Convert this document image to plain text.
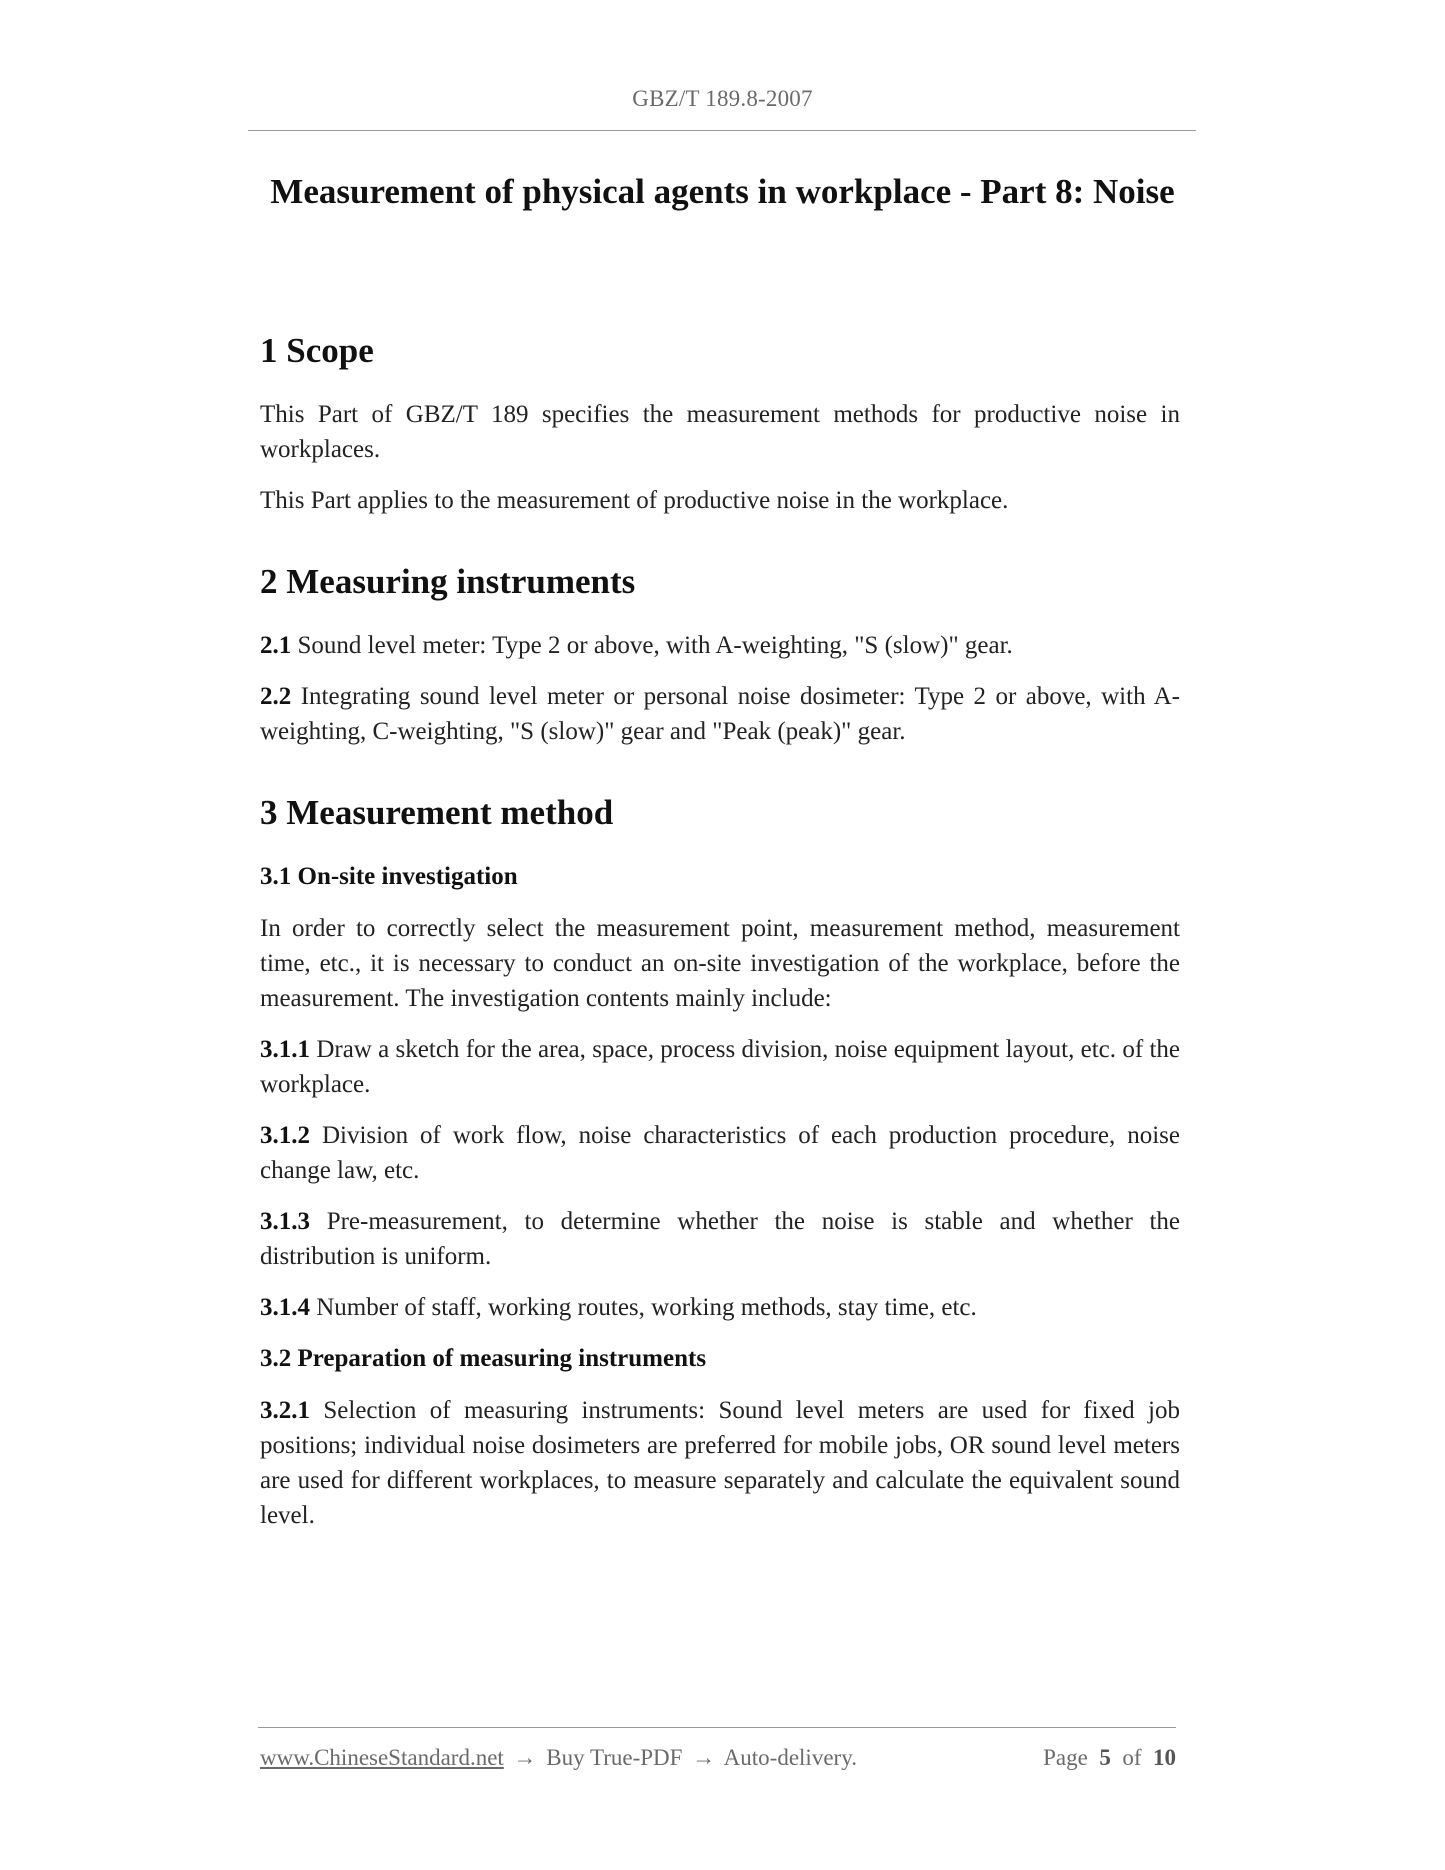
GBZ/T 189.8-2007
Measurement of physical agents in workplace - Part 8: Noise
1 Scope

This Part of GBZ/T 189 specifies the measurement methods for productive noise in workplaces.

This Part applies to the measurement of productive noise in the workplace.

2 Measuring instruments

2.1 Sound level meter: Type 2 or above, with A-weighting, "S (slow)" gear.

2.2 Integrating sound level meter or personal noise dosimeter: Type 2 or above, with A-weighting, C-weighting, "S (slow)" gear and "Peak (peak)" gear.

3 Measurement method
3.1 On-site investigation

In order to correctly select the measurement point, measurement method, measurement time, etc., it is necessary to conduct an on-site investigation of the workplace, before the measurement. The investigation contents mainly include:

3.1.1 Draw a sketch for the area, space, process division, noise equipment layout, etc. of the workplace.

3.1.2 Division of work flow, noise characteristics of each production procedure, noise change law, etc.

3.1.3 Pre-measurement, to determine whether the noise is stable and whether the distribution is uniform.

3.1.4 Number of staff, working routes, working methods, stay time, etc.

3.2 Preparation of measuring instruments

3.2.1 Selection of measuring instruments: Sound level meters are used for fixed job positions; individual noise dosimeters are preferred for mobile jobs, OR sound level meters are used for different workplaces, to measure separately and calculate the equivalent sound level.

www.ChineseStandard.net → Buy True-PDF → Auto-delivery.	Page 5 of 10
